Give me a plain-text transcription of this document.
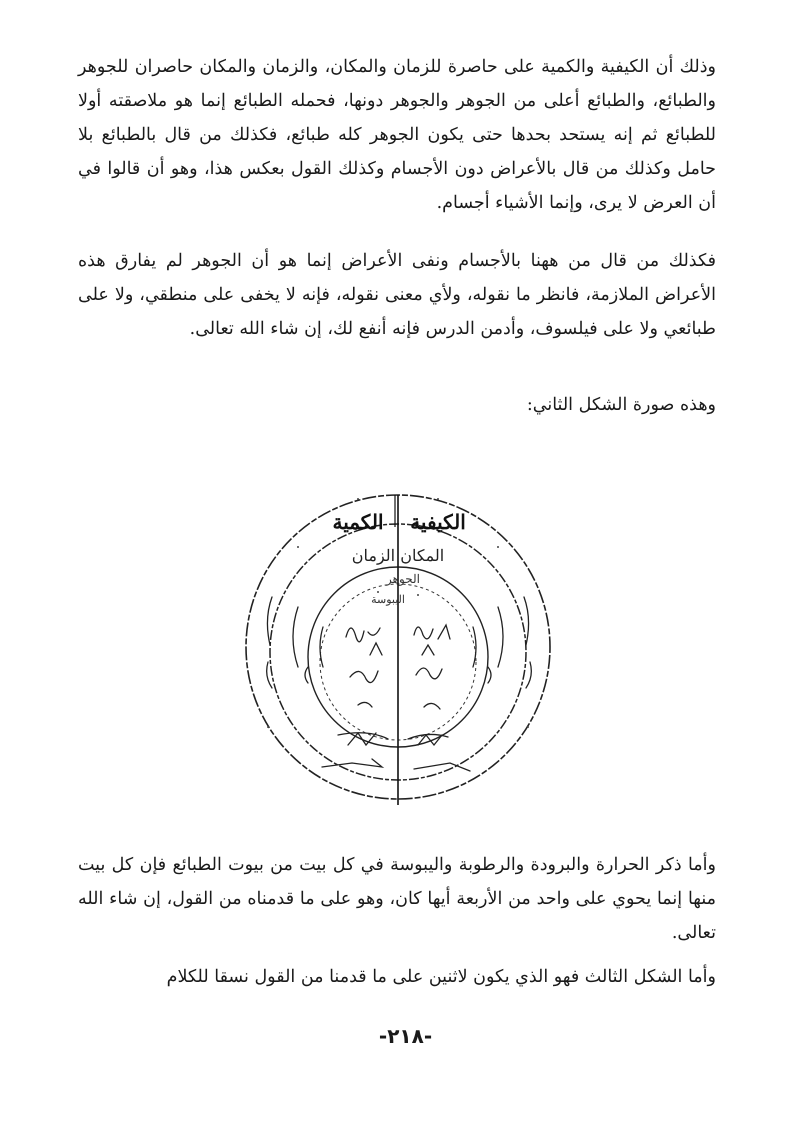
وذلك أن الكيفية والكمية على حاصرة للزمان والمكان، والزمان والمكان حاصران للجوهر والطبائع، والطبائع أعلى من الجوهر والجوهر دونها، فحمله الطبائع إنما هو ملاصقته أولا للطبائع ثم إنه يستحد بحدها حتى يكون الجوهر كله طبائع، فكذلك من قال بالطبائع بلا حامل وكذلك من قال بالأعراض دون الأجسام وكذلك القول بعكس هذا، وهو أن قالوا في أن العرض لا يرى، وإنما الأشياء أجسام.

فكذلك من قال من ههنا بالأجسام ونفى الأعراض إنما هو أن الجوهر لم يفارق هذه الأعراض الملازمة، فانظر ما نقوله، ولأي معنى نقوله، فإنه لا يخفى على منطقي، ولا على طبائعي ولا على فيلسوف، وأدمن الدرس فإنه أنفع لك، إن شاء الله تعالى.

وهذه صورة الشكل الثاني:

الكيفية
الكمية
المكان الزمان
الجوهر
اليبوسة

وأما ذكر الحرارة والبرودة والرطوبة واليبوسة في كل بيت من بيوت الطبائع فإن كل بيت منها إنما يحوي على واحد من الأربعة أيها كان، وهو على ما قدمناه من القول، إن شاء الله تعالى.

وأما الشكل الثالث فهو الذي يكون لاثنين على ما قدمنا من القول نسقا للكلام

-٢١٨-
